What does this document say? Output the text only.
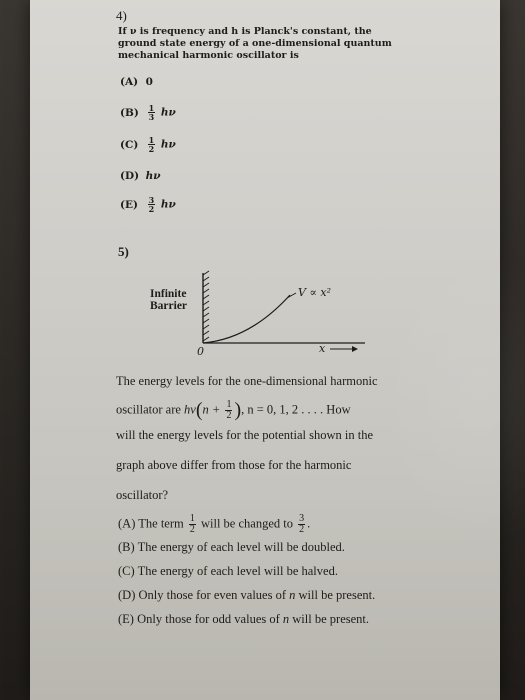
4)
If ν is frequency and h is Planck's constant, the
ground state energy of a one-dimensional quantum
mechanical harmonic oscillator is
(A) 0
$(B) \frac{1}{3}$ hν
$(C) \frac{1}{2}$ hν
(D) hν
$(E) \frac{3}{2}$ hν
5)
Infinite
Barrier
V ∝ x²
0	x
The energy levels for the one-dimensional harmonic
oscillator are $h\nu(n + \frac{1}{2}$ ), n = 0, 1, 2 . . . . How
will the energy levels for the potential shown in the
graph above differ from those for the harmonic
oscillator?
(A) The term $\frac{1}{2}$ will be changed to $\frac{3}{2}$ .
(B) The energy of each level will be doubled.
(C) The energy of each level will be halved.
(D) Only those for even values of n will be present.
(E) Only those for odd values of n will be present.
